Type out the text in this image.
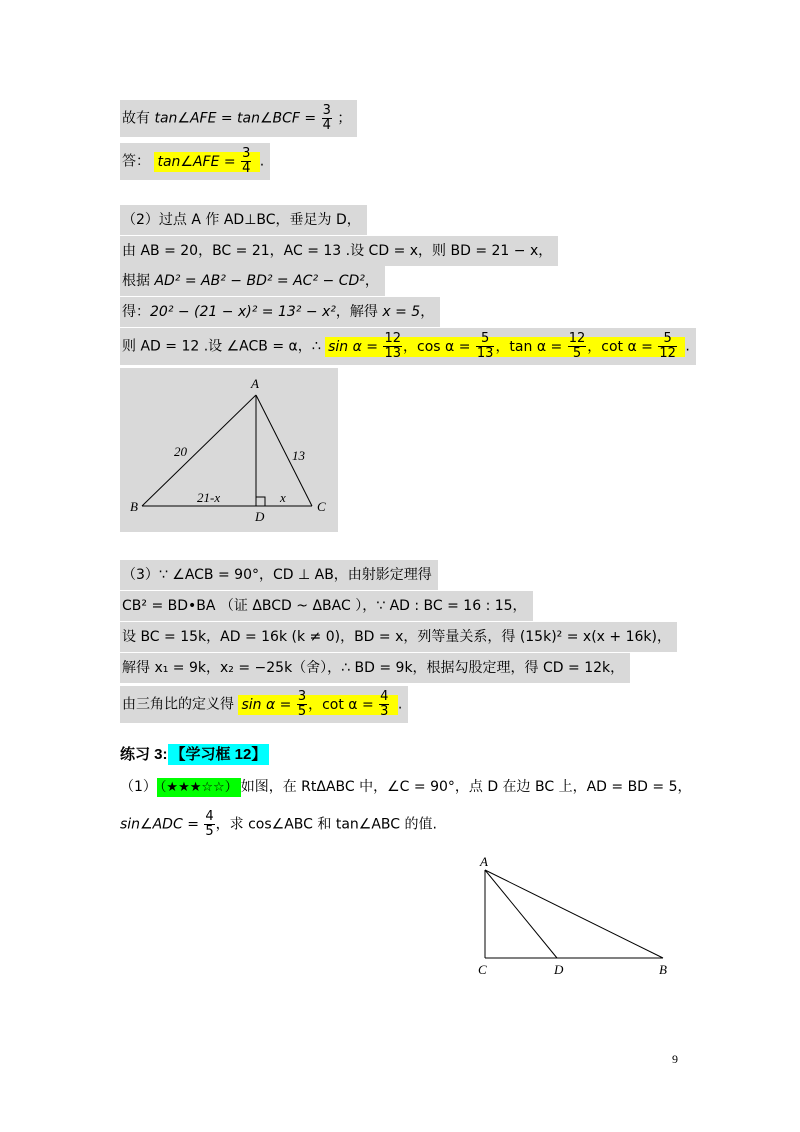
故有 tan∠AFE = tan∠BCF = $\frac{3}{4}$ ；
答： tan∠AFE = $\frac{3}{4}$ .
（2）过点 A 作 AD⊥BC，垂足为 D，
由 AB = 20，BC = 21，AC = 13 .设 CD = x，则 BD = 21 − x，
根据 AD² = AB² − BD² = AC² − CD²，
得：20² − (21 − x)² = 13² − x²，解得 x = 5，
则 AD = 12 .设 ∠ACB = α，∴ $\sin \alpha = \frac{12}{13}$ ，$\cos \alpha = \frac{5}{13}$ ，$\tan \alpha = \frac{12}{5}$ ，$\cot \alpha = \frac{5}{12}$ .
A
B	C
D
20	13
21-x	x
（3）∵ ∠ACB = 90°，CD ⊥ AB，由射影定理得
CB² = BD•BA （证 ΔBCD ~ ΔBAC ），∵ AD : BC = 16 : 15，
设 BC = 15k，AD = 16k (k ≠ 0)，BD = x，列等量关系，得 (15k)² = x(x + 16k)，
解得 x₁ = 9k，x₂ = −25k（舍），∴ BD = 9k，根据勾股定理，得 CD = 12k，
由三角比的定义得 $\sin \alpha = \frac{3}{5}$ ，$\cot \alpha = \frac{4}{3}$ .
练习 3: 【学习框 12】
（1） （★★★☆☆） 如图，在 RtΔABC 中，∠C = 90°，点 D 在边 BC 上，AD = BD = 5，
sin∠ADC = $\frac{4}{5}$ ，求 cos∠ABC 和 tan∠ABC 的值.
A
C	D	B
9
